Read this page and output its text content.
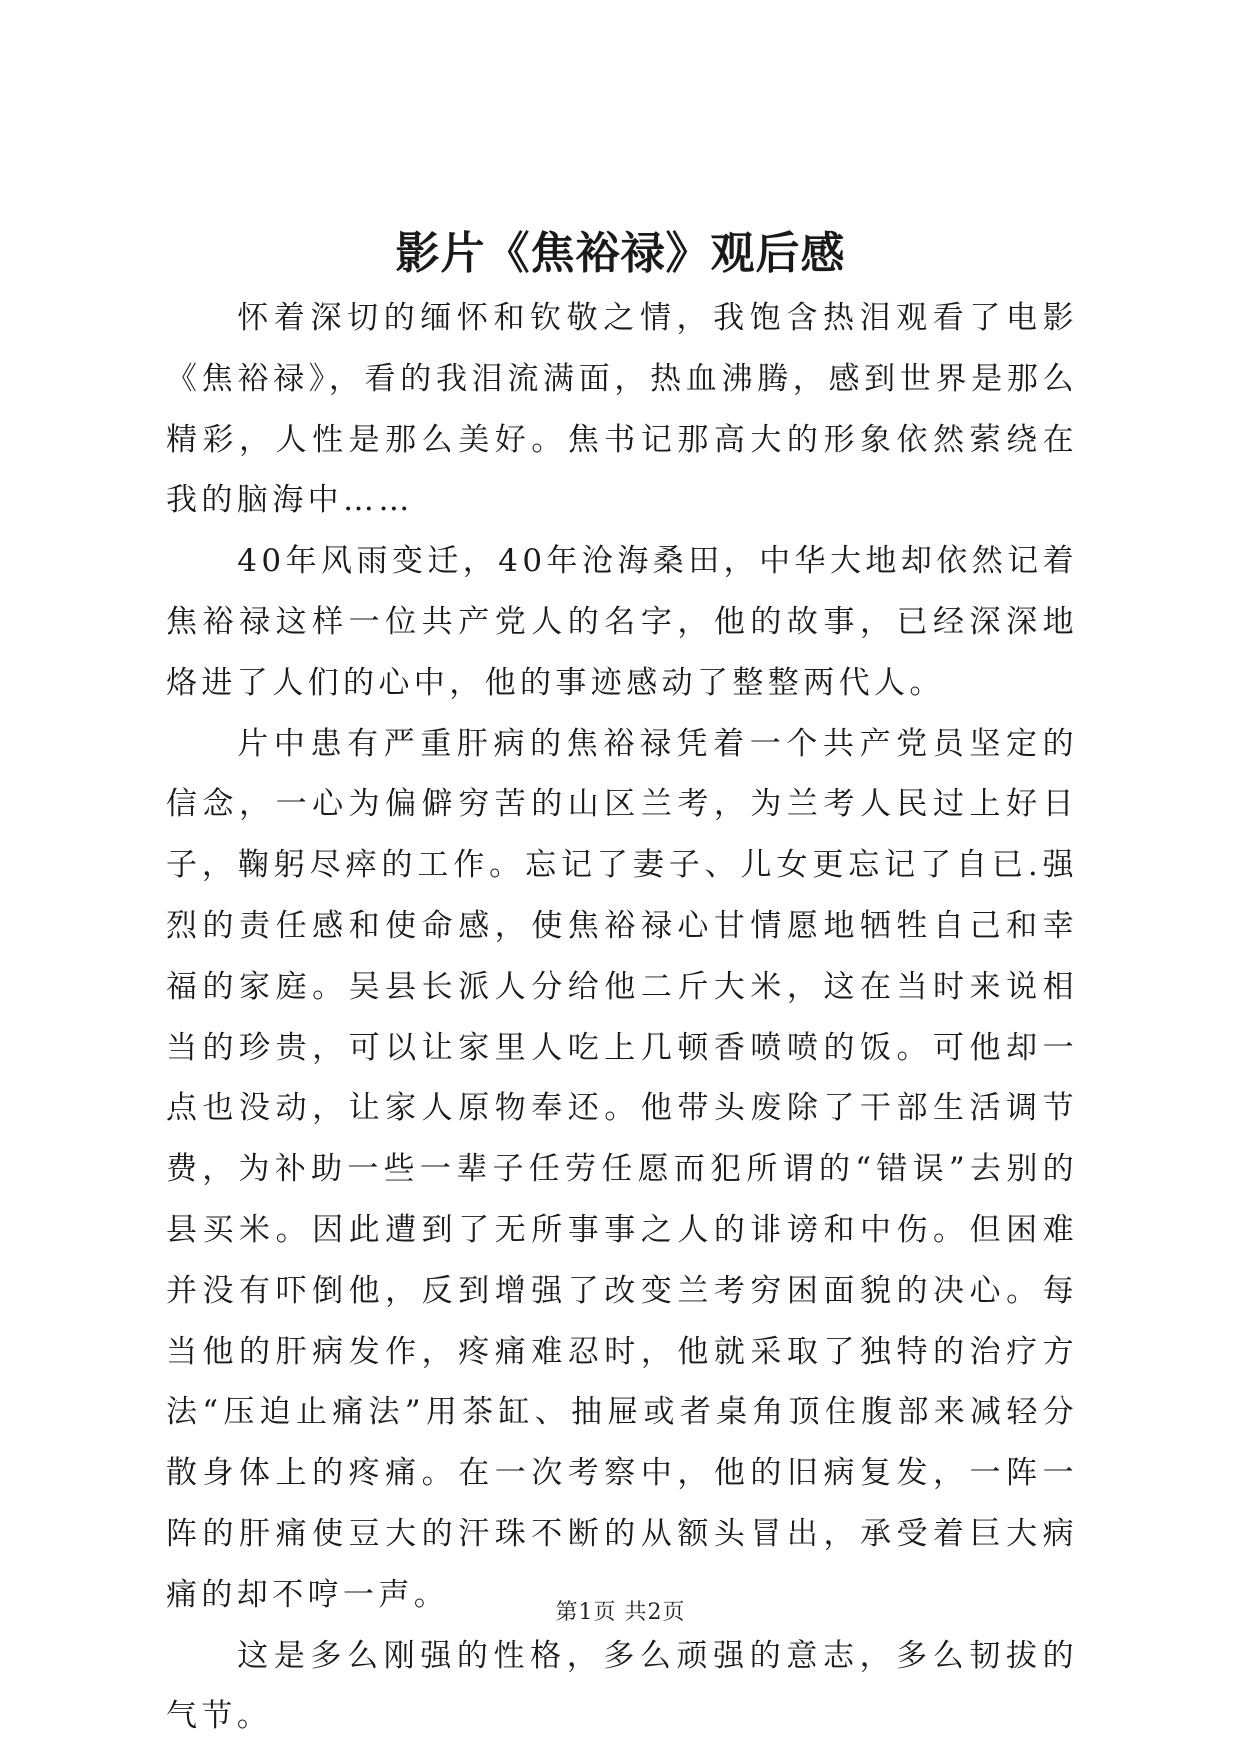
影片《焦裕禄》观后感

怀着深切的缅怀和钦敬之情，我饱含热泪观看了电影《焦裕禄》，看的我泪流满面，热血沸腾，感到世界是那么精彩，人性是那么美好。焦书记那高大的形象依然萦绕在我的脑海中……

40年风雨变迁，40年沧海桑田，中华大地却依然记着焦裕禄这样一位共产党人的名字，他的故事，已经深深地烙进了人们的心中，他的事迹感动了整整两代人。

片中患有严重肝病的焦裕禄凭着一个共产党员坚定的信念，一心为偏僻穷苦的山区兰考，为兰考人民过上好日子，鞠躬尽瘁的工作。忘记了妻子、儿女更忘记了自已.强烈的责任感和使命感，使焦裕禄心甘情愿地牺牲自己和幸福的家庭。吴县长派人分给他二斤大米，这在当时来说相当的珍贵，可以让家里人吃上几顿香喷喷的饭。可他却一点也没动，让家人原物奉还。他带头废除了干部生活调节费，为补助一些一辈子任劳任愿而犯所谓的“错误”去别的县买米。因此遭到了无所事事之人的诽谤和中伤。但困难并没有吓倒他，反到增强了改变兰考穷困面貌的决心。每当他的肝病发作，疼痛难忍时，他就采取了独特的治疗方法“压迫止痛法”用茶缸、抽屉或者桌角顶住腹部来减轻分散身体上的疼痛。在一次考察中，他的旧病复发，一阵一阵的肝痛使豆大的汗珠不断的从额头冒出，承受着巨大病痛的却不哼一声。

这是多么刚强的性格，多么顽强的意志，多么韧拔的气节。

第1页 共2页
